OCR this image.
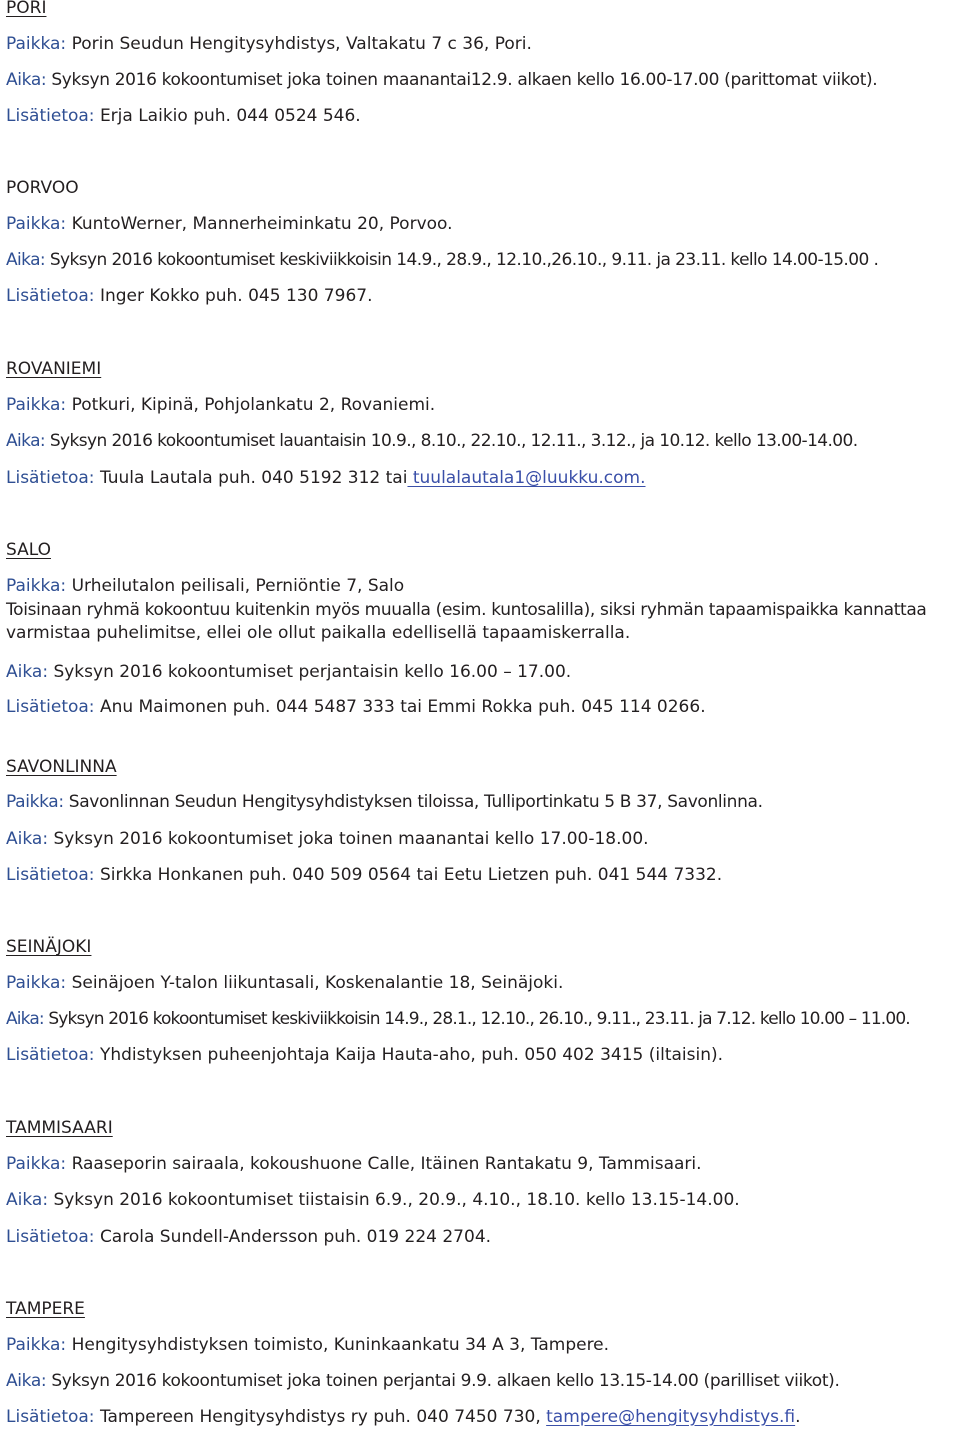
PORI
Paikka: Porin Seudun Hengitysyhdistys, Valtakatu 7 c 36, Pori.
Aika: Syksyn 2016 kokoontumiset joka toinen maanantai12.9. alkaen kello 16.00-17.00 (parittomat viikot).
Lisätietoa: Erja Laikio puh. 044 0524 546.
PORVOO
Paikka: KuntoWerner, Mannerheiminkatu 20, Porvoo.
Aika: Syksyn 2016 kokoontumiset keskiviikkoisin 14.9., 28.9., 12.10.,26.10., 9.11. ja 23.11. kello 14.00-15.00 .
Lisätietoa: Inger Kokko puh. 045 130 7967.
ROVANIEMI
Paikka: Potkuri, Kipinä, Pohjolankatu 2, Rovaniemi.
Aika: Syksyn 2016 kokoontumiset lauantaisin 10.9., 8.10., 22.10., 12.11., 3.12., ja 10.12. kello 13.00-14.00.
Lisätietoa: Tuula Lautala puh. 040 5192 312 tai tuulalautala1@luukku.com.
SALO
Paikka: Urheilutalon peilisali, Perniöntie 7, Salo
Toisinaan ryhmä kokoontuu kuitenkin myös muualla (esim. kuntosalilla), siksi ryhmän tapaamispaikka kannattaa
varmistaa puhelimitse, ellei ole ollut paikalla edellisellä tapaamiskerralla.
Aika: Syksyn 2016 kokoontumiset perjantaisin kello 16.00 – 17.00.
Lisätietoa: Anu Maimonen puh. 044 5487 333 tai Emmi Rokka puh. 045 114 0266.
SAVONLINNA
Paikka: Savonlinnan Seudun Hengitysyhdistyksen tiloissa, Tulliportinkatu 5 B 37, Savonlinna.
Aika: Syksyn 2016 kokoontumiset joka toinen maanantai kello 17.00-18.00.
Lisätietoa: Sirkka Honkanen puh. 040 509 0564 tai Eetu Lietzen puh. 041 544 7332.
SEINÄJOKI
Paikka: Seinäjoen Y-talon liikuntasali, Koskenalantie 18, Seinäjoki.
Aika: Syksyn 2016 kokoontumiset keskiviikkoisin 14.9., 28.1., 12.10., 26.10., 9.11., 23.11. ja 7.12. kello 10.00 – 11.00.
Lisätietoa: Yhdistyksen puheenjohtaja Kaija Hauta-aho, puh. 050 402 3415 (iltaisin).
TAMMISAARI
Paikka: Raaseporin sairaala, kokoushuone Calle, Itäinen Rantakatu 9, Tammisaari.
Aika: Syksyn 2016 kokoontumiset tiistaisin 6.9., 20.9., 4.10., 18.10. kello 13.15-14.00.
Lisätietoa: Carola Sundell-Andersson puh. 019 224 2704.
TAMPERE
Paikka: Hengitysyhdistyksen toimisto, Kuninkaankatu 34 A 3, Tampere.
Aika: Syksyn 2016 kokoontumiset joka toinen perjantai 9.9. alkaen kello 13.15-14.00 (parilliset viikot).
Lisätietoa: Tampereen Hengitysyhdistys ry puh. 040 7450 730, tampere@hengitysyhdistys.fi.
